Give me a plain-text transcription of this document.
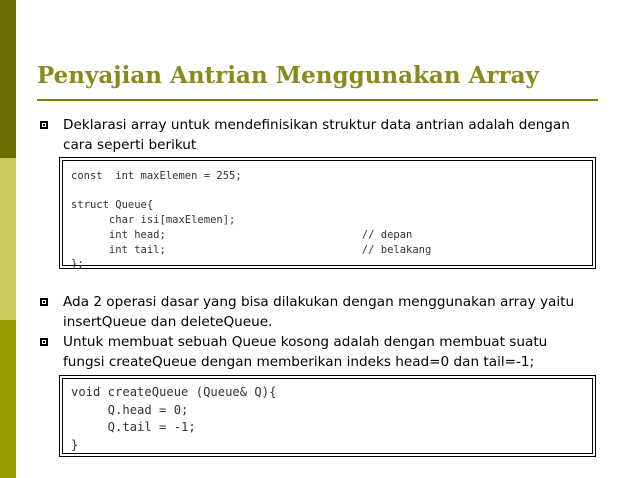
Penyajian Antrian Menggunakan Array
Deklarasi array untuk mendefinisikan struktur data antrian adalah dengan
cara seperti berikut
const  int maxElemen = 255;

struct Queue{
char isi[maxElemen];
int head;                               // depan
int tail;                               // belakang
};
Ada 2 operasi dasar yang bisa dilakukan dengan menggunakan array yaitu
insertQueue dan deleteQueue.
Untuk membuat sebuah Queue kosong adalah dengan membuat suatu
fungsi createQueue dengan memberikan indeks head=0 dan tail=-1;
void createQueue (Queue& Q){
Q.head = 0;
Q.tail = -1;
}
